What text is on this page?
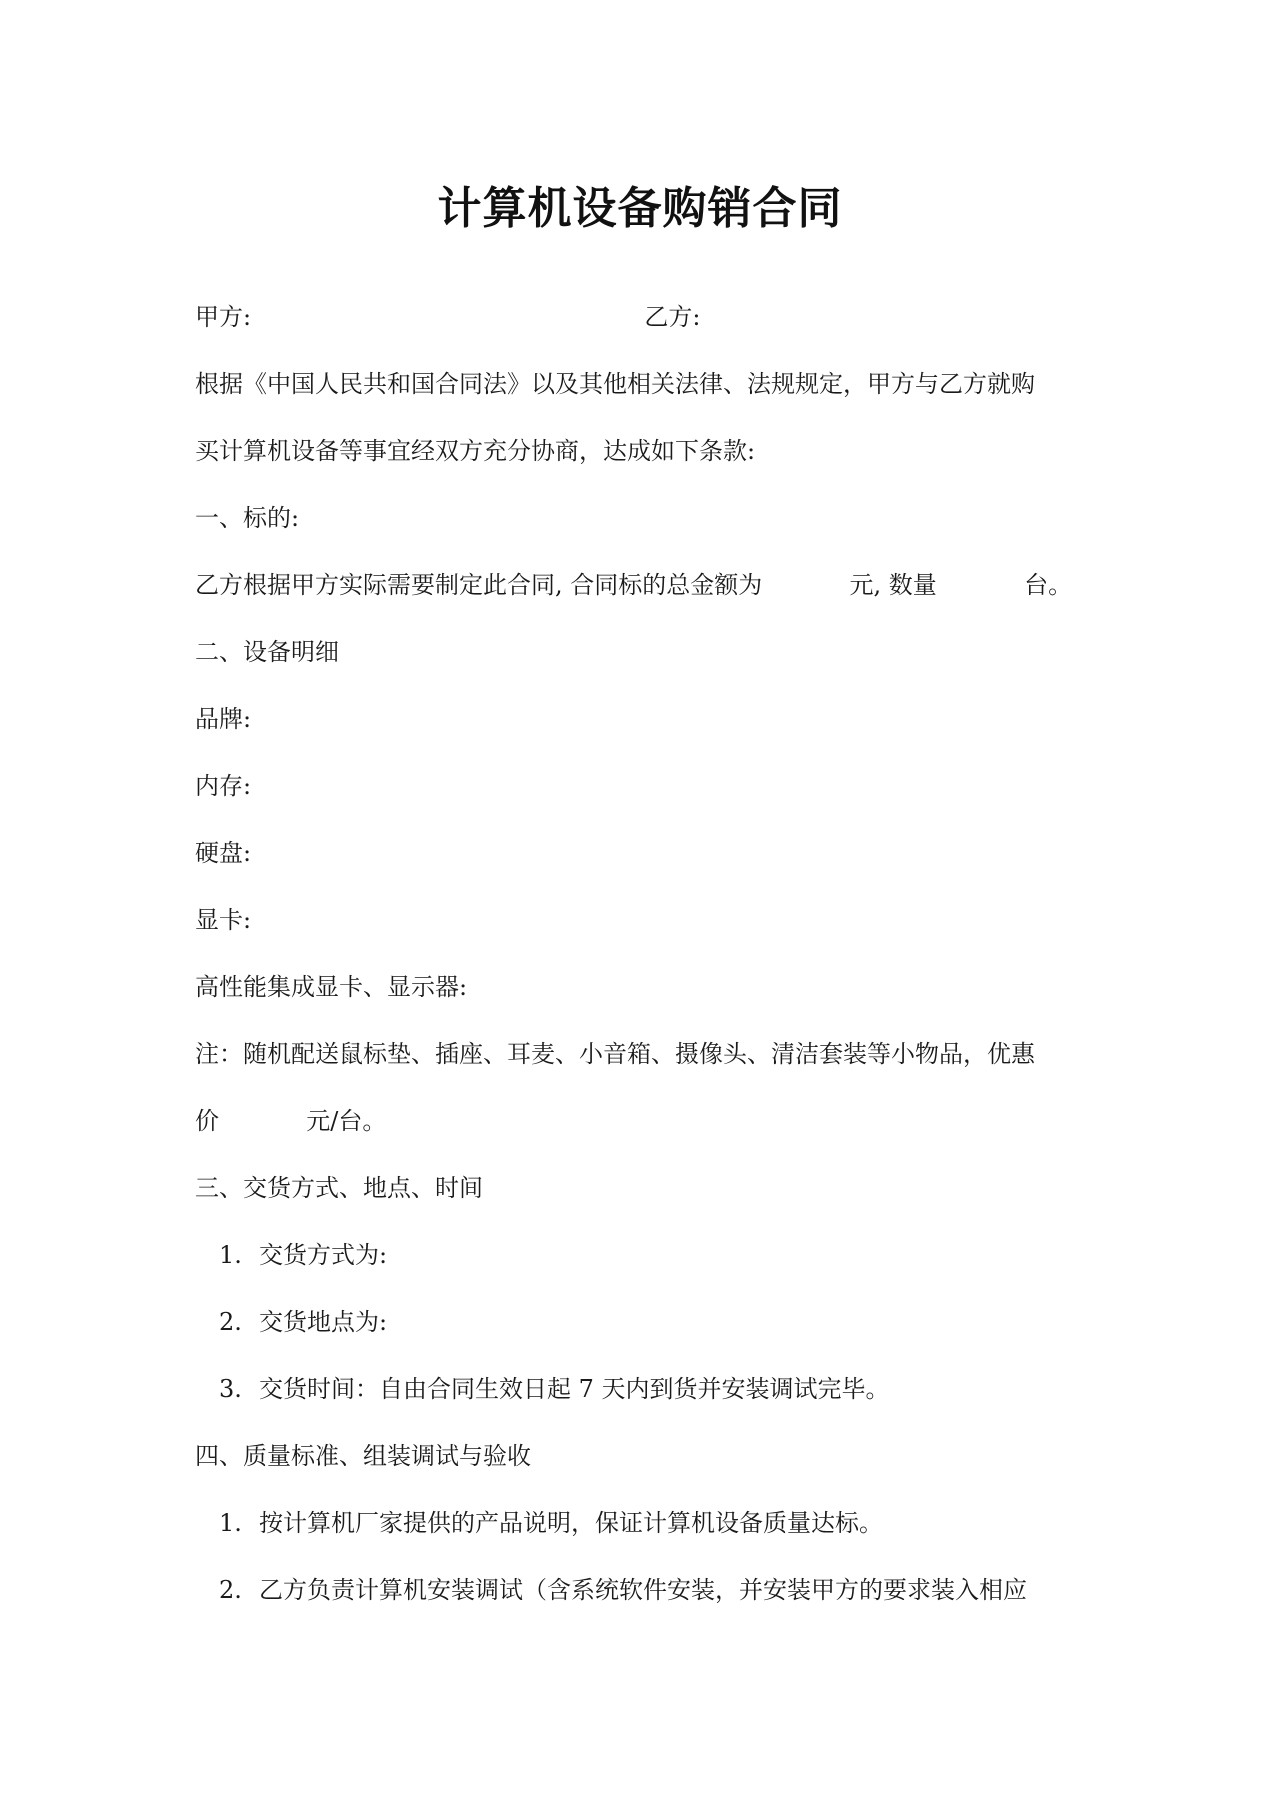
计算机设备购销合同
甲方:	乙方:
根据《中国人民共和国合同法》以及其他相关法律、法规规定，甲方与乙方就购
买计算机设备等事宜经双方充分协商，达成如下条款:
一、标的:
乙方根据甲方实际需要制定此合同, 合同标的总金额为	元, 数量	台。
二、设备明细
品牌:
内存:
硬盘:
显卡:
高性能集成显卡、显示器:
注：随机配送鼠标垫、插座、耳麦、小音箱、摄像头、清洁套装等小物品，优惠
价	元/台。
三、交货方式、地点、时间
1. 交货方式为:
2. 交货地点为:
3. 交货时间：自由合同生效日起 7 天内到货并安装调试完毕。
四、质量标准、组装调试与验收
1. 按计算机厂家提供的产品说明，保证计算机设备质量达标。
2. 乙方负责计算机安装调试（含系统软件安装，并安装甲方的要求装入相应
